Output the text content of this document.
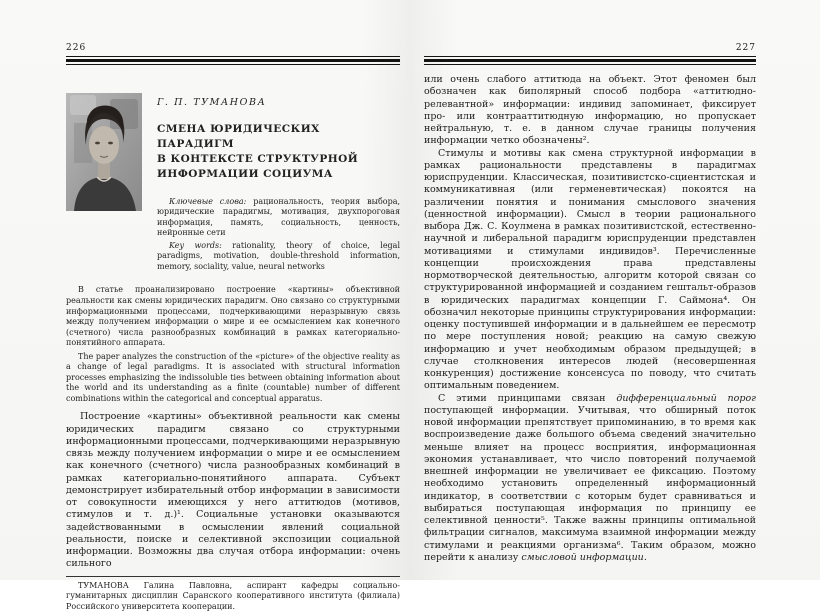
226
Г. П. ТУМАНОВА
СМЕНА ЮРИДИЧЕСКИХ ПАРАДИГМ
В КОНТЕКСТЕ СТРУКТУРНОЙ
ИНФОРМАЦИИ СОЦИУМА

Ключевые слова: рациональность, теория выбора, юридические парадигмы, мотивация, двухпороговая информация, память, социальность, ценность, нейронные сети

Key words: rationality, theory of choice, legal paradigms, motivation, double-threshold information, memory, sociality, value, neural networks

В статье проанализировано построение «картины» объективной реальности как смены юридических парадигм. Оно связано со структурными информационными процессами, подчеркивающими неразрывную связь между получением информации о мире и ее осмыслением как конечного (счетного) числа разнообразных комбинаций в рамках категориально-понятийного аппарата.

The paper analyzes the construction of the «picture» of the objective reality as a change of legal paradigms. It is associated with structural information processes emphasizing the indissoluble ties between obtaining information about the world and its understanding as a finite (countable) number of different combinations within the categorical and conceptual apparatus.

Построение «картины» объективной реальности как смены юридических парадигм связано со структурными информационными процессами, подчеркивающими неразрывную связь между получением информации о мире и ее осмыслением как конечного (счетного) числа разнообразных комбинаций в рамках категориально-понятийного аппарата. Субъект демонстрирует избирательный отбор информации в зависимости от совокупности имеющихся у него аттитюдов (мотивов, стимулов и т. д.)¹. Социальные установки оказываются задействованными в осмыслении явлений социальной реальности, поиске и селективной экспозиции социальной информации. Возможны два случая отбора информации: очень сильного

ТУМАНОВА Галина Павловна, аспирант кафедры социально-гуманитарных дисциплин Саранского кооперативного института (филиала) Российского университета кооперации.

227

или очень слабого аттитюда на объект. Этот феномен был обозначен как биполярный способ подбора «аттитюдно-релевантной» информации: индивид запоминает, фиксирует про- или контрааттитюдную информацию, но пропускает нейтральную, т. е. в данном случае границы получения информации четко обозначены².

Стимулы и мотивы как смена структурной информации в рамках рациональности представлены в парадигмах юриспруденции. Классическая, позитивистско-сциентистская и коммуникативная (или герменевтическая) покоятся на различении понятия и понимания смыслового значения (ценностной информации). Смысл в теории рационального выбора Дж. С. Коулмена в рамках позитивистской, естественно-научной и либеральной парадигм юриспруденции представлен мотивациями и стимулами индивидов³. Перечисленные концепции происхождения права представлены нормотворческой деятельностью, алгоритм которой связан со структурированной информацией и созданием гештальт-образов в юридических парадигмах концепции Г. Саймона⁴. Он обозначил некоторые принципы структурирования информации: оценку поступившей информации и в дальнейшем ее пересмотр по мере поступления новой; реакцию на самую свежую информацию и учет необходимым образом предыдущей; в случае столкновения интересов людей (несовершенная конкуренция) достижение консенсуса по поводу, что считать оптимальным поведением.

С этими принципами связан дифференциальный порог поступающей информации. Учитывая, что обширный поток новой информации препятствует припоминанию, в то время как воспроизведение даже большого объема сведений значительно меньше влияет на процесс восприятия, информационная экономия устанавливает, что число повторений получаемой внешней информации не увеличивает ее фиксацию. Поэтому необходимо установить определенный информационный индикатор, в соответствии с которым будет сравниваться и выбираться поступающая информация по принципу ее селективной ценности⁵. Также важны принципы оптимальной фильтрации сигналов, максимума взаимной информации между стимулами и реакциями организма⁶. Таким образом, можно перейти к анализу смысловой информации.
